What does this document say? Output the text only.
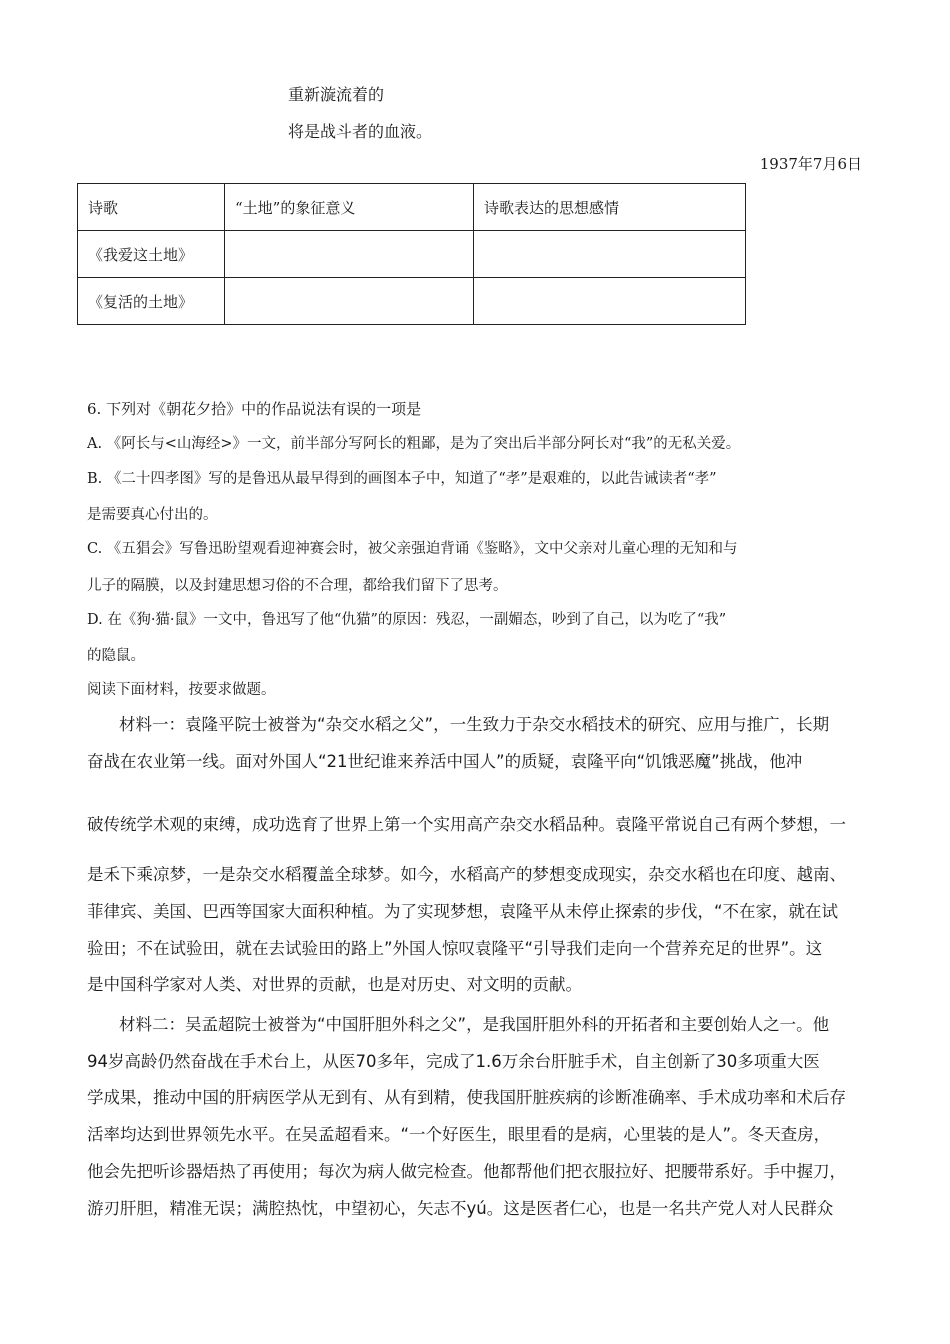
重新漩流着的
将是战斗者的血液。
1937年7月6日
诗歌	“土地”的象征意义	诗歌表达的思想感情
《我爱这土地》		
《复活的土地》		
6. 下列对《朝花夕拾》中的作品说法有误的一项是
A. 《阿长与<山海经>》一文，前半部分写阿长的粗鄙，是为了突出后半部分阿长对“我”的无私关爱。
B. 《二十四孝图》写的是鲁迅从最早得到的画图本子中，知道了“孝”是艰难的，以此告诫读者“孝”
是需要真心付出的。
C. 《五猖会》写鲁迅盼望观看迎神赛会时，被父亲强迫背诵《鉴略》，文中父亲对儿童心理的无知和与
儿子的隔膜，以及封建思想习俗的不合理，都给我们留下了思考。
D. 在《狗·猫·鼠》一文中，鲁迅写了他“仇猫”的原因：残忍，一副媚态，吵到了自己，以为吃了“我”
的隐鼠。
阅读下面材料，按要求做题。
材料一：袁隆平院士被誉为“杂交水稻之父”，一生致力于杂交水稻技术的研究、应用与推广，长期
奋战在农业第一线。面对外国人“21世纪谁来养活中国人”的质疑，袁隆平向“饥饿恶魔”挑战，他冲
破传统学术观的束缚，成功选育了世界上第一个实用高产杂交水稻品种。袁隆平常说自己有两个梦想，一
是禾下乘凉梦，一是杂交水稻覆盖全球梦。如今，水稻高产的梦想变成现实，杂交水稻也在印度、越南、
菲律宾、美国、巴西等国家大面积种植。为了实现梦想，袁隆平从未停止探索的步伐，“不在家，就在试
验田；不在试验田，就在去试验田的路上”外国人惊叹袁隆平“引导我们走向一个营养充足的世界”。这
是中国科学家对人类、对世界的贡献，也是对历史、对文明的贡献。
材料二：吴孟超院士被誉为“中国肝胆外科之父”，是我国肝胆外科的开拓者和主要创始人之一。他
94岁高龄仍然奋战在手术台上，从医70多年，完成了1.6万余台肝脏手术，自主创新了30多项重大医
学成果，推动中国的肝病医学从无到有、从有到精，使我国肝脏疾病的诊断准确率、手术成功率和术后存
活率均达到世界领先水平。在吴孟超看来。“一个好医生，眼里看的是病，心里装的是人”。冬天查房，
他会先把听诊器焐热了再使用；每次为病人做完检查。他都帮他们把衣服拉好、把腰带系好。手中握刀，
游刃肝胆，精准无误；满腔热忱，中望初心，矢志不yú。这是医者仁心，也是一名共产党人对人民群众
